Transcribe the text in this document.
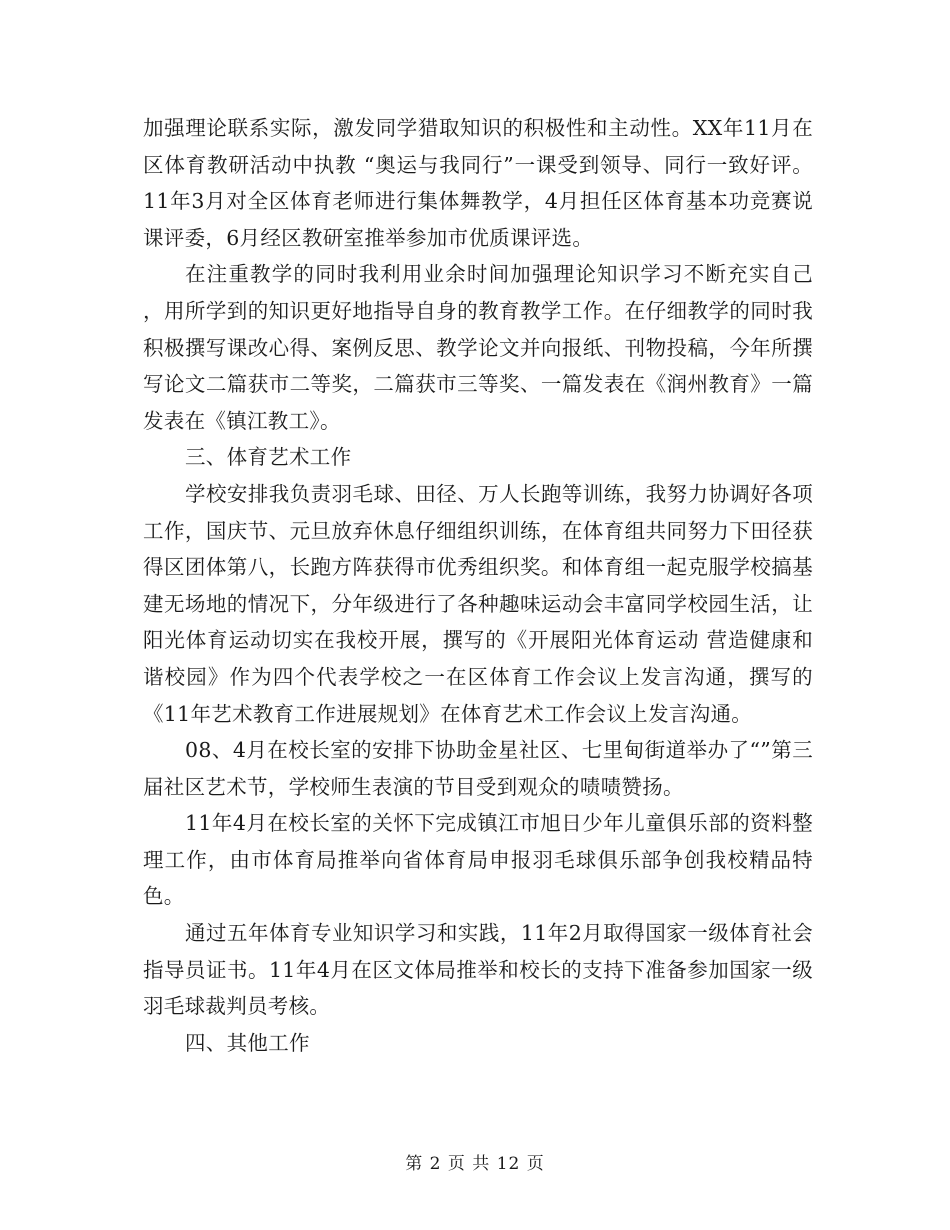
加强理论联系实际，激发同学猎取知识的积极性和主动性。XX年11月在区体育教研活动中执教 “奥运与我同行”一课受到领导、同行一致好评。11年3月对全区体育老师进行集体舞教学，4月担任区体育基本功竞赛说课评委，6月经区教研室推举参加市优质课评选。

在注重教学的同时我利用业余时间加强理论知识学习不断充实自己 ，用所学到的知识更好地指导自身的教育教学工作。在仔细教学的同时我积极撰写课改心得、案例反思、教学论文并向报纸、刊物投稿，今年所撰写论文二篇获市二等奖，二篇获市三等奖、一篇发表在《润州教育》一篇发表在《镇江教工》。

三、体育艺术工作

学校安排我负责羽毛球、田径、万人长跑等训练，我努力协调好各项工作，国庆节、元旦放弃休息仔细组织训练，在体育组共同努力下田径获得区团体第八，长跑方阵获得市优秀组织奖。和体育组一起克服学校搞基建无场地的情况下，分年级进行了各种趣味运动会丰富同学校园生活，让阳光体育运动切实在我校开展，撰写的《开展阳光体育运动 营造健康和谐校园》作为四个代表学校之一在区体育工作会议上发言沟通，撰写的《11年艺术教育工作进展规划》在体育艺术工作会议上发言沟通。

08、4月在校长室的安排下协助金星社区、七里甸街道举办了“”第三届社区艺术节，学校师生表演的节目受到观众的啧啧赞扬。

11年4月在校长室的关怀下完成镇江市旭日少年儿童俱乐部的资料整理工作，由市体育局推举向省体育局申报羽毛球俱乐部争创我校精品特色。

通过五年体育专业知识学习和实践，11年2月取得国家一级体育社会指导员证书。11年4月在区文体局推举和校长的支持下准备参加国家一级羽毛球裁判员考核。

四、其他工作

第 2 页 共 12 页
